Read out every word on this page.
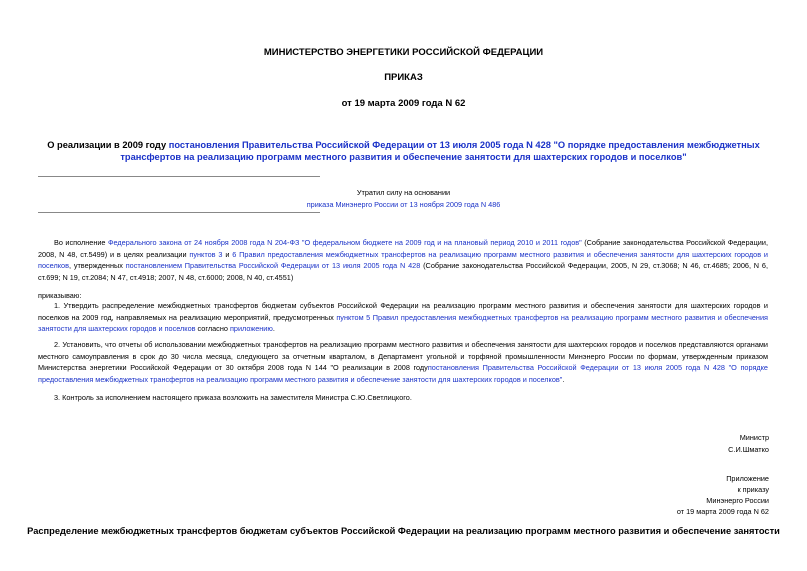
МИНИСТЕРСТВО ЭНЕРГЕТИКИ РОССИЙСКОЙ ФЕДЕРАЦИИ
ПРИКАЗ
от 19 марта 2009 года N 62
О реализации в 2009 году постановления Правительства Российской Федерации от 13 июля 2005 года N 428 "О порядке предоставления межбюджетных трансфертов на реализацию программ местного развития и обеспечение занятости для шахтерских городов и поселков"
Утратил силу на основании
приказа Минэнерго России от 13 ноября 2009 года N 486
Во исполнение Федерального закона от 24 ноября 2008 года N 204-ФЗ "О федеральном бюджете на 2009 год и на плановый период 2010 и 2011 годов" (Собрание законодательства Российской Федерации, 2008, N 48, ст.5499) и в целях реализации пунктов 3 и 6 Правил предоставления межбюджетных трансфертов на реализацию программ местного развития и обеспечения занятости для шахтерских городов и поселков, утвержденных постановлением Правительства Российской Федерации от 13 июля 2005 года N 428 (Собрание законодательства Российской Федерации, 2005, N 29, ст.3068; N 46, ст.4685; 2006, N 6, ст.699; N 19, ст.2084; N 47, ст.4918; 2007, N 48, ст.6000; 2008, N 40, ст.4551)
приказываю:
1. Утвердить распределение межбюджетных трансфертов бюджетам субъектов Российской Федерации на реализацию программ местного развития и обеспечения занятости для шахтерских городов и поселков на 2009 год, направляемых на реализацию мероприятий, предусмотренных пунктом 5 Правил предоставления межбюджетных трансфертов на реализацию программ местного развития и обеспечения занятости для шахтерских городов и поселков согласно приложению.
2. Установить, что отчеты об использовании межбюджетных трансфертов на реализацию программ местного развития и обеспечения занятости для шахтерских городов и поселков представляются органами местного самоуправления в срок до 30 числа месяца, следующего за отчетным кварталом, в Департамент угольной и торфяной промышленности Минэнерго России по формам, утвержденным приказом Министерства энергетики Российской Федерации от 30 октября 2008 года N 144 "О реализации в 2008 годупостановления Правительства Российской Федерации от 13 июля 2005 года N 428 "О порядке предоставления межбюджетных трансфертов на реализацию программ местного развития и обеспечение занятости для шахтерских городов и поселков".
3. Контроль за исполнением настоящего приказа возложить на заместителя Министра С.Ю.Светлицкого.
Министр
С.И.Шматко
Приложение
к приказу
Минэнерго России
от 19 марта 2009 года N 62
Распределение межбюджетных трансфертов бюджетам субъектов Российской Федерации на реализацию программ местного развития и обеспечение занятости
